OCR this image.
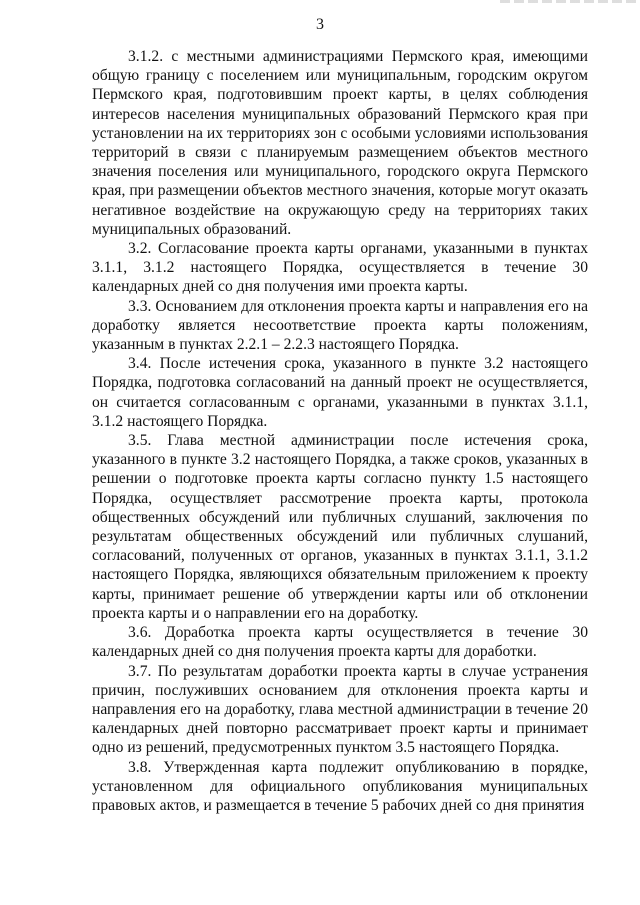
3

3.1.2. с местными администрациями Пермского края, имеющими общую границу с поселением или муниципальным, городским округом Пермского края, подготовившим проект карты, в целях соблюдения интересов населения муниципальных образований Пермского края при установлении на их территориях зон с особыми условиями использования территорий в связи с планируемым размещением объектов местного значения поселения или муниципального, городского округа Пермского края, при размещении объектов местного значения, которые могут оказать негативное воздействие на окружающую среду на территориях таких муниципальных образований.

3.2. Согласование проекта карты органами, указанными в пунктах 3.1.1, 3.1.2 настоящего Порядка, осуществляется в течение 30 календарных дней со дня получения ими проекта карты.

3.3. Основанием для отклонения проекта карты и направления его на доработку является несоответствие проекта карты положениям, указанным в пунктах 2.2.1 – 2.2.3 настоящего Порядка.

3.4. После истечения срока, указанного в пункте 3.2 настоящего Порядка, подготовка согласований на данный проект не осуществляется, он считается согласованным с органами, указанными в пунктах 3.1.1, 3.1.2 настоящего Порядка.

3.5. Глава местной администрации после истечения срока, указанного в пункте 3.2 настоящего Порядка, а также сроков, указанных в решении о подготовке проекта карты согласно пункту 1.5 настоящего Порядка, осуществляет рассмотрение проекта карты, протокола общественных обсуждений или публичных слушаний, заключения по результатам общественных обсуждений или публичных слушаний, согласований, полученных от органов, указанных в пунктах 3.1.1, 3.1.2 настоящего Порядка, являющихся обязательным приложением к проекту карты, принимает решение об утверждении карты или об отклонении проекта карты и о направлении его на доработку.

3.6. Доработка проекта карты осуществляется в течение 30 календарных дней со дня получения проекта карты для доработки.

3.7. По результатам доработки проекта карты в случае устранения причин, послуживших основанием для отклонения проекта карты и направления его на доработку, глава местной администрации в течение 20 календарных дней повторно рассматривает проект карты и принимает одно из решений, предусмотренных пунктом 3.5 настоящего Порядка.

3.8. Утвержденная карта подлежит опубликованию в порядке, установленном для официального опубликования муниципальных правовых актов, и размещается в течение 5 рабочих дней со дня принятия
